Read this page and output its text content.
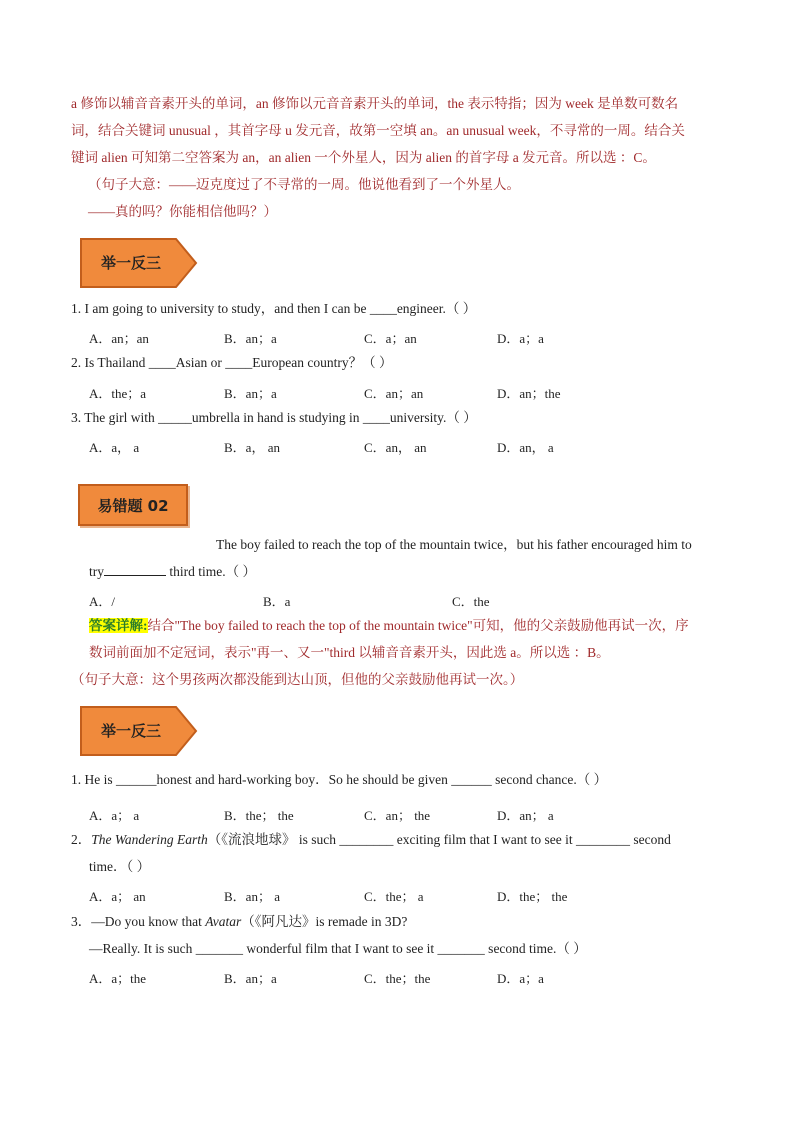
a 修饰以辅音音素开头的单词，an 修饰以元音音素开头的单词，the 表示特指；因为 week 是单数可数名
词，结合关键词 unusual ，其首字母 u 发元音，故第一空填 an。an unusual week，不寻常的一周。结合关
键词 alien 可知第二空答案为 an，an alien 一个外星人，因为 alien 的首字母 a 发元音。所以选 ：C。
（句子大意：——迈克度过了不寻常的一周。他说他看到了一个外星人。
——真的吗？你能相信他吗？）
举一反三
1. I am going to university to study，and then I can be ____engineer.（ ）
A．an；an	B．an；a	C．a；an	D．a；a
2. Is Thailand ____Asian or ____European country？（ ）
A．the；a	B．an；a	C．an；an	D．an；the
3. The girl with _____umbrella in hand is studying in ____university.（ ）
A．a， a	B．a， an	C．an， an	D．an， a
易错题 02
The boy failed to reach the top of the mountain twice，but his father encouraged him to
try	third time.（ ）
A．/	B．a	C．the
答案详解:结合"The boy failed to reach the top of the mountain twice"可知，他的父亲鼓励他再试一次，序
数词前面加不定冠词，表示"再一、又一"third 以辅音音素开头，因此选 a。所以选 ：B。
（句子大意：这个男孩两次都没能到达山顶，但他的父亲鼓励他再试一次。）
举一反三
1. He is ______honest and hard-working boy．So he should be given ______ second chance.（ ）
A．a； a	B．the； the	C．an； the	D．an； a
2．The Wandering Earth（《流浪地球》 is such ________ exciting film that I want to see it ________ second
time．（ ）
A．a； an	B．an； a	C．the； a	D．the； the
3．—Do you know that Avatar（《阿凡达》is remade in 3D?
—Really. It is such _______ wonderful film that I want to see it _______ second time.（ ）
A．a；the	B．an；a	C．the；the	D．a；a
